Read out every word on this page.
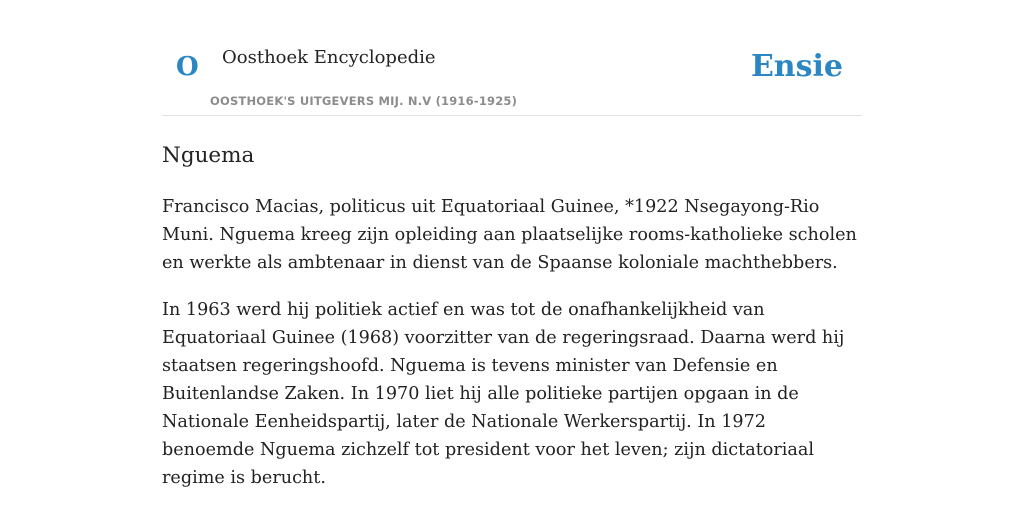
O Oosthoek Encyclopedie
OOSTHOEK'S UITGEVERS MIJ. N.V (1916-1925)
Ensie
Nguema

Francisco Macias, politicus uit Equatoriaal Guinee, *1922 Nsegayong-Rio Muni. Nguema kreeg zijn opleiding aan plaatselijke rooms-katholieke scholen en werkte als ambtenaar in dienst van de Spaanse koloniale machthebbers.

In 1963 werd hij politiek actief en was tot de onafhankelijkheid van Equatoriaal Guinee (1968) voorzitter van de regeringsraad. Daarna werd hij staatsen regeringshoofd. Nguema is tevens minister van Defensie en Buitenlandse Zaken. In 1970 liet hij alle politieke partijen opgaan in de Nationale Eenheidspartij, later de Nationale Werkerspartij. In 1972 benoemde Nguema zichzelf tot president voor het leven; zijn dictatoriaal regime is berucht.
